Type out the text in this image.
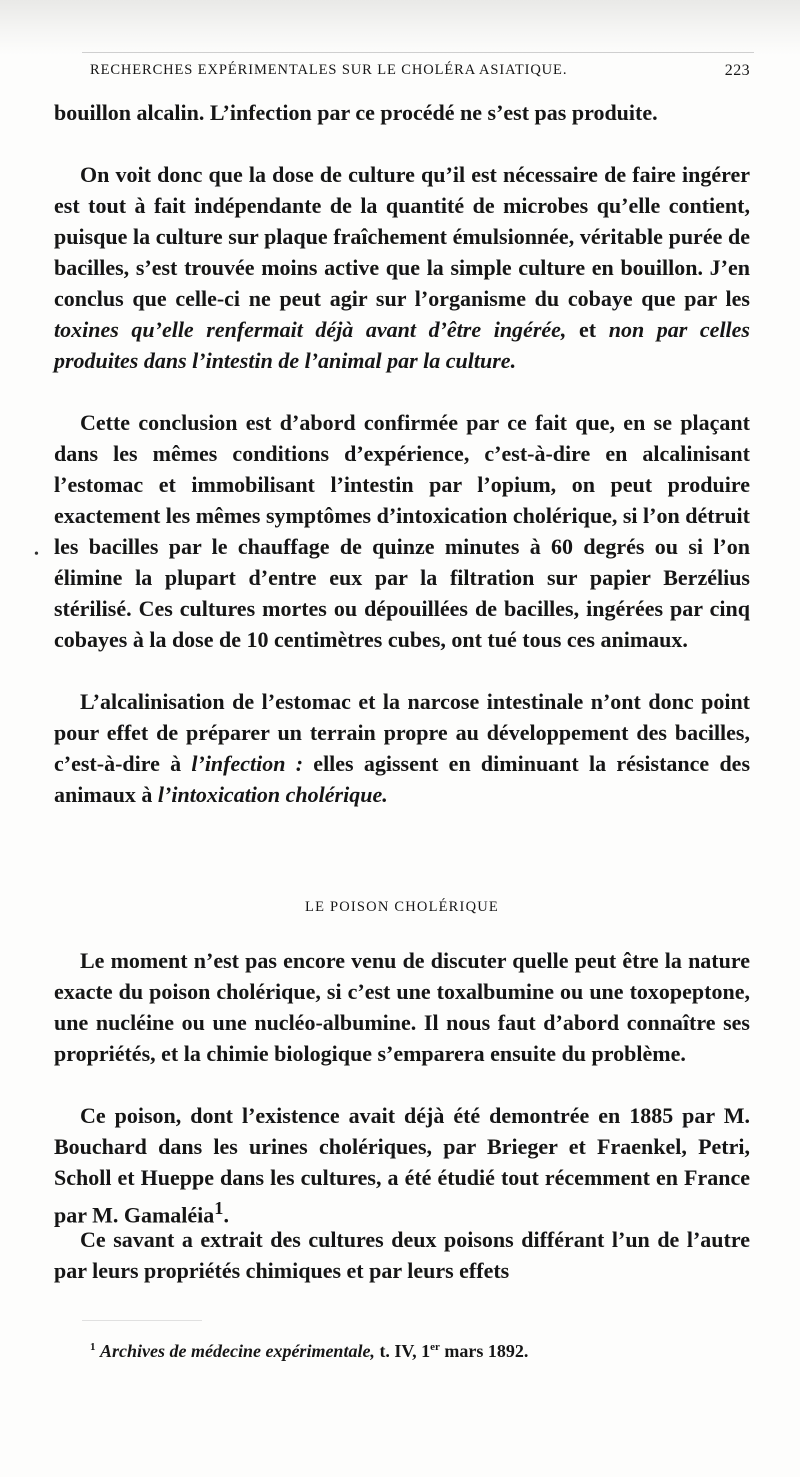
RECHERCHES EXPÉRIMENTALES SUR LE CHOLÉRA ASIATIQUE.	223
•

bouillon alcalin. L’infection par ce procédé ne s’est pas produite.

On voit donc que la dose de culture qu’il est nécessaire de faire ingérer est tout à fait indépendante de la quantité de microbes qu’elle contient, puisque la culture sur plaque fraîchement émulsionnée, véritable purée de bacilles, s’est trouvée moins active que la simple culture en bouillon. J’en conclus que celle-ci ne peut agir sur l’organisme du cobaye que par les toxines qu’elle renfermait déjà avant d’être ingérée, et non par celles produites dans l’intestin de l’animal par la culture.

Cette conclusion est d’abord confirmée par ce fait que, en se plaçant dans les mêmes conditions d’expérience, c’est-à-dire en alcalinisant l’estomac et immobilisant l’intestin par l’opium, on peut produire exactement les mêmes symptômes d’intoxication cholérique, si l’on détruit les bacilles par le chauffage de quinze minutes à 60 degrés ou si l’on élimine la plupart d’entre eux par la filtration sur papier Berzélius stérilisé. Ces cultures mortes ou dépouillées de bacilles, ingérées par cinq cobayes à la dose de 10 centimètres cubes, ont tué tous ces animaux.

L’alcalinisation de l’estomac et la narcose intestinale n’ont donc point pour effet de préparer un terrain propre au développement des bacilles, c’est-à-dire à l’infection : elles agissent en diminuant la résistance des animaux à l’intoxication cholérique.

LE POISON CHOLÉRIQUE

Le moment n’est pas encore venu de discuter quelle peut être la nature exacte du poison cholérique, si c’est une toxalbumine ou une toxopeptone, une nucléine ou une nucléo-albumine. Il nous faut d’abord connaître ses propriétés, et la chimie biologique s’emparera ensuite du problème.

Ce poison, dont l’existence avait déjà été demontrée en 1885 par M. Bouchard dans les urines cholériques, par Brieger et Fraenkel, Petri, Scholl et Hueppe dans les cultures, a été étudié tout récemment en France par M. Gamaléia$^1$.

Ce savant a extrait des cultures deux poisons différant l’un de l’autre par leurs propriétés chimiques et par leurs effets

$^1$ Archives de médecine expérimentale, t. IV, 1er mars 1892.
